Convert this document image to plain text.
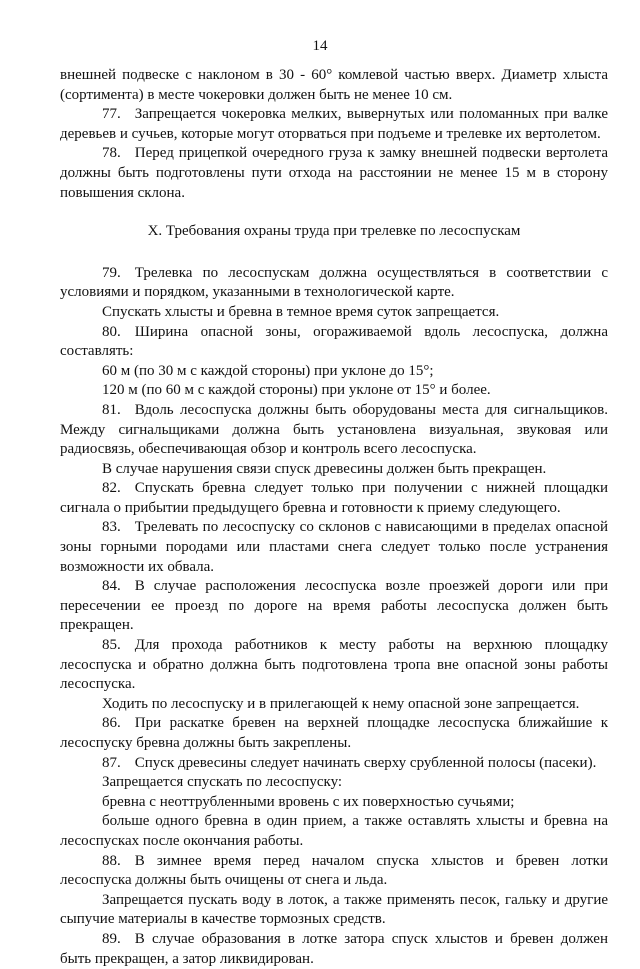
14

внешней подвеске с наклоном в 30 - 60° комлевой частью вверх. Диаметр хлыста (сортимента) в месте чокеровки должен быть не менее 10 см.

77. Запрещается чокеровка мелких, вывернутых или поломанных при валке деревьев и сучьев, которые могут оторваться при подъеме и трелевке их вертолетом.

78. Перед прицепкой очередного груза к замку внешней подвески вертолета должны быть подготовлены пути отхода на расстоянии не менее 15 м в сторону повышения склона.

X. Требования охраны труда при трелевке по лесоспускам

79. Трелевка по лесоспускам должна осуществляться в соответствии с условиями и порядком, указанными в технологической карте.

Спускать хлысты и бревна в темное время суток запрещается.

80. Ширина опасной зоны, огораживаемой вдоль лесоспуска, должна составлять:

60 м (по 30 м с каждой стороны) при уклоне до 15°;

120 м (по 60 м с каждой стороны) при уклоне от 15° и более.

81. Вдоль лесоспуска должны быть оборудованы места для сигнальщиков. Между сигнальщиками должна быть установлена визуальная, звуковая или радиосвязь, обеспечивающая обзор и контроль всего лесоспуска.

В случае нарушения связи спуск древесины должен быть прекращен.

82. Спускать бревна следует только при получении с нижней площадки сигнала о прибытии предыдущего бревна и готовности к приему следующего.

83. Трелевать по лесоспуску со склонов с нависающими в пределах опасной зоны горными породами или пластами снега следует только после устранения возможности их обвала.

84. В случае расположения лесоспуска возле проезжей дороги или при пересечении ее проезд по дороге на время работы лесоспуска должен быть прекращен.

85. Для прохода работников к месту работы на верхнюю площадку лесоспуска и обратно должна быть подготовлена тропа вне опасной зоны работы лесоспуска.

Ходить по лесоспуску и в прилегающей к нему опасной зоне запрещается.

86. При раскатке бревен на верхней площадке лесоспуска ближайшие к лесоспуску бревна должны быть закреплены.

87. Спуск древесины следует начинать сверху срубленной полосы (пасеки).

Запрещается спускать по лесоспуску:

бревна с неоттрубленными вровень с их поверхностью сучьями;

больше одного бревна в один прием, а также оставлять хлысты и бревна на лесоспусках после окончания работы.

88. В зимнее время перед началом спуска хлыстов и бревен лотки лесоспуска должны быть очищены от снега и льда.

Запрещается пускать воду в лоток, а также применять песок, гальку и другие сыпучие материалы в качестве тормозных средств.

89. В случае образования в лотке затора спуск хлыстов и бревен должен быть прекращен, а затор ликвидирован.
